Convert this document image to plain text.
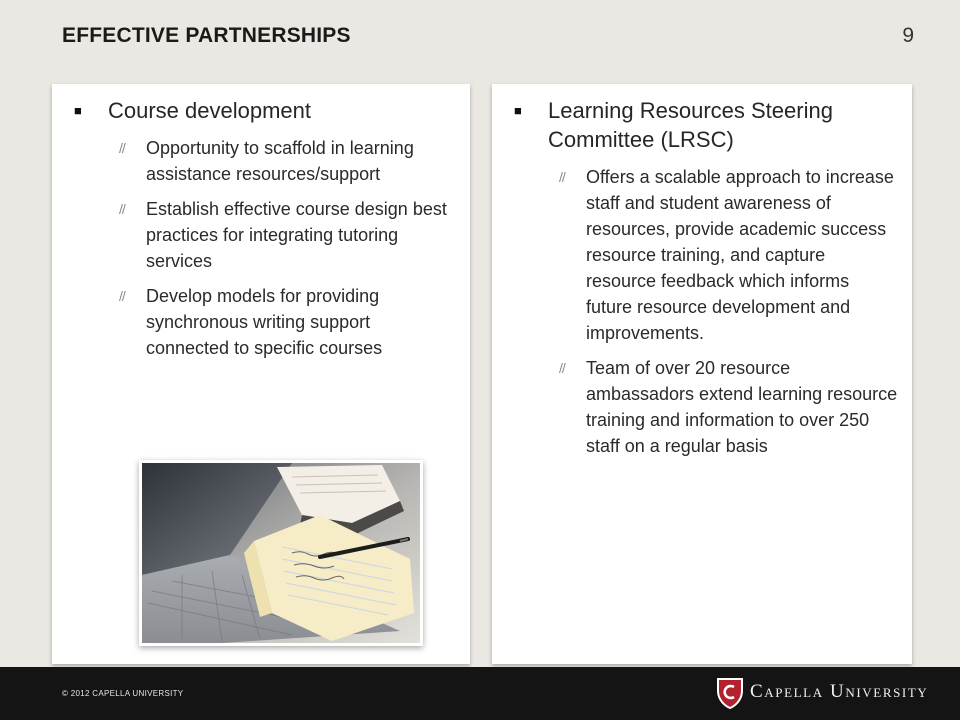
EFFECTIVE PARTNERSHIPS	9
■ Course development
// Opportunity to scaffold in learning assistance resources/support
// Establish effective course design best practices for integrating tutoring services
// Develop models for providing synchronous writing support connected to specific courses
■ Learning Resources Steering Committee (LRSC)
// Offers a scalable approach to increase staff and student awareness of resources, provide academic success resource training, and capture resource feedback which informs future resource development and improvements.
// Team of over 20 resource ambassadors extend learning resource training and information to over 250 staff on a regular basis
© 2012 CAPELLA UNIVERSITY	Capella University
